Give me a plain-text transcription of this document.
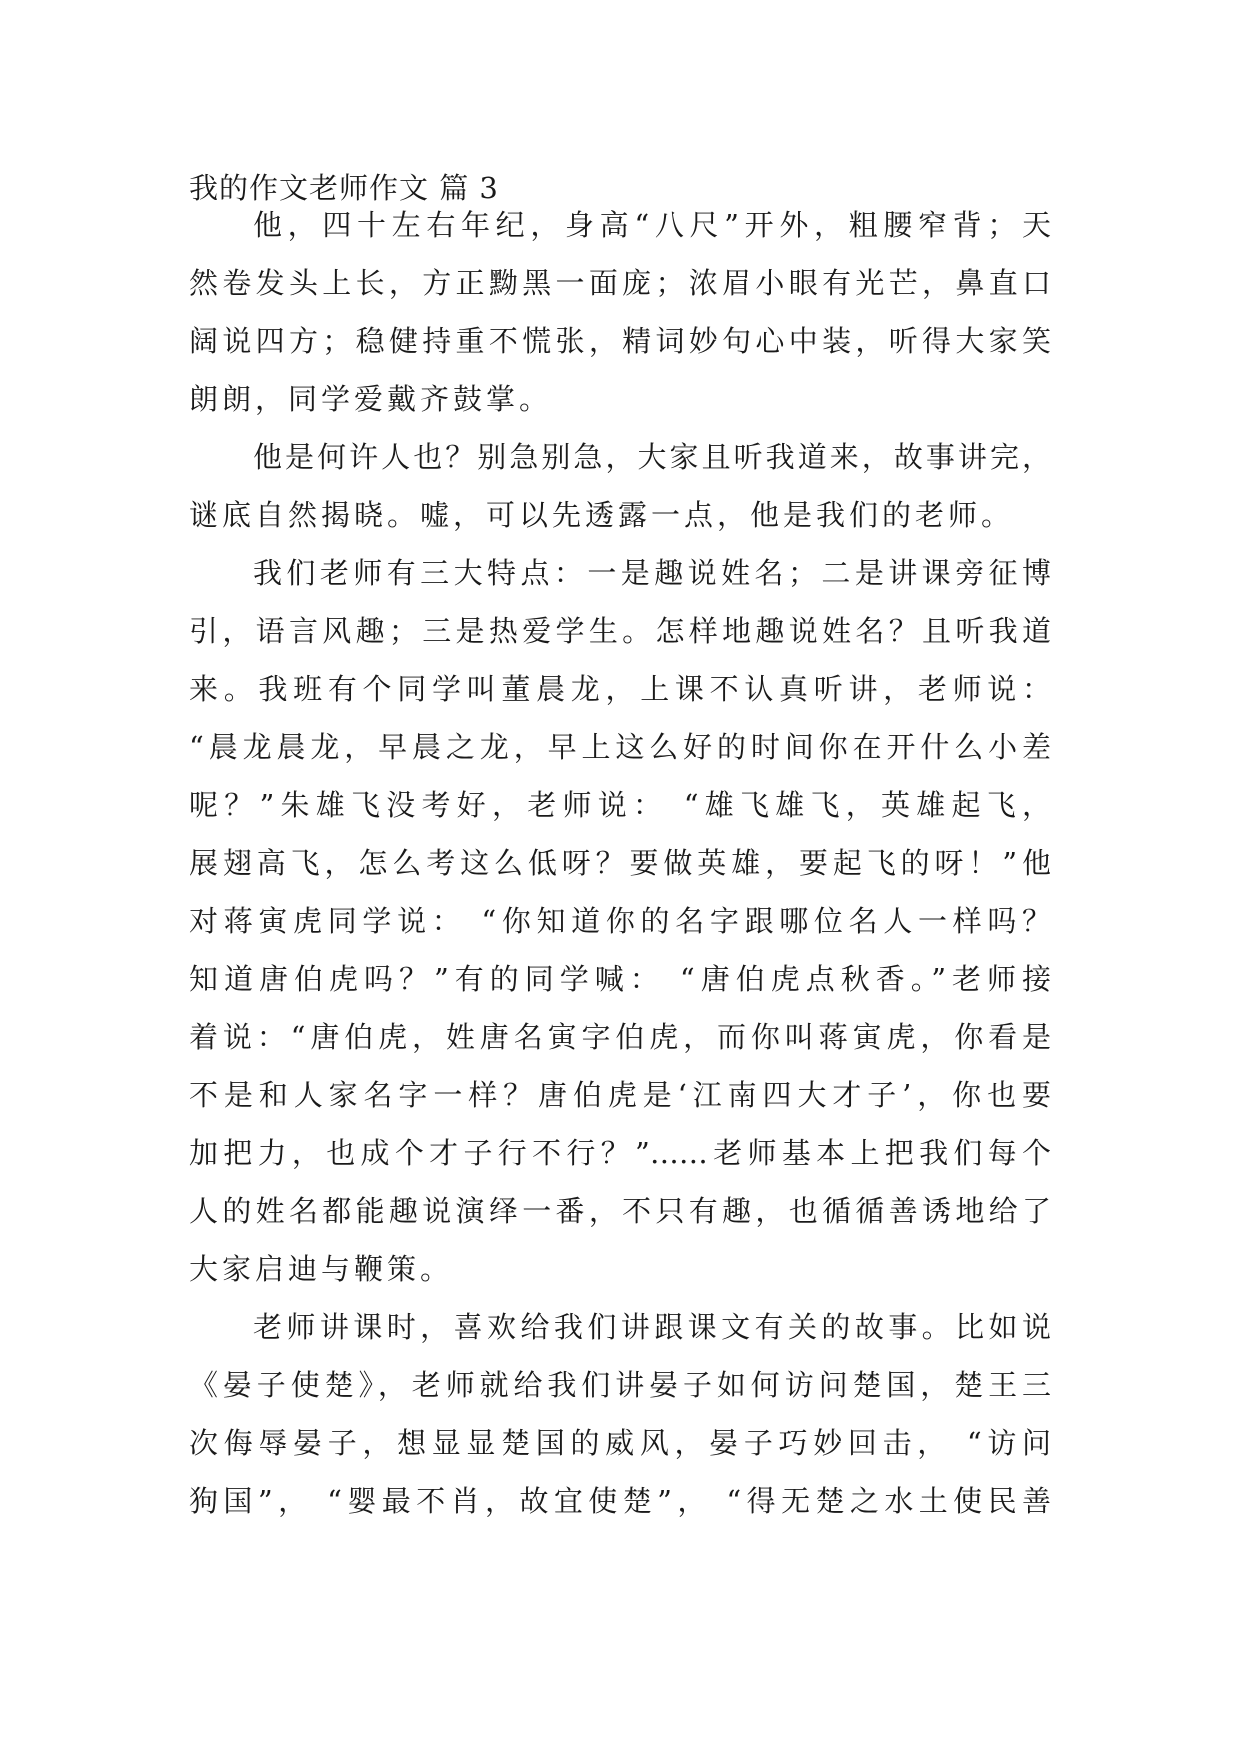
我的作文老师作文 篇 3
他，四十左右年纪，身高“八尺”开外，粗腰窄背；天
然卷发头上长，方正黝黑一面庞；浓眉小眼有光芒，鼻直口
阔说四方；稳健持重不慌张，精词妙句心中装，听得大家笑
朗朗，同学爱戴齐鼓掌。
他是何许人也？别急别急，大家且听我道来，故事讲完，
谜底自然揭晓。嘘，可以先透露一点，他是我们的老师。
我们老师有三大特点：一是趣说姓名；二是讲课旁征博
引，语言风趣；三是热爱学生。怎样地趣说姓名？且听我道
来。我班有个同学叫董晨龙，上课不认真听讲，老师说：
“晨龙晨龙，早晨之龙，早上这么好的时间你在开什么小差
呢？”朱雄飞没考好，老师说： “雄飞雄飞，英雄起飞，
展翅高飞，怎么考这么低呀？要做英雄，要起飞的呀！”他
对蒋寅虎同学说： “你知道你的名字跟哪位名人一样吗？
知道唐伯虎吗？”有的同学喊： “唐伯虎点秋香。”老师接
着说：“唐伯虎，姓唐名寅字伯虎，而你叫蒋寅虎，你看是
不是和人家名字一样？唐伯虎是‘江南四大才子’，你也要
加把力，也成个才子行不行？”……老师基本上把我们每个
人的姓名都能趣说演绎一番，不只有趣，也循循善诱地给了
大家启迪与鞭策。
老师讲课时，喜欢给我们讲跟课文有关的故事。比如说
《晏子使楚》，老师就给我们讲晏子如何访问楚国，楚王三
次侮辱晏子，想显显楚国的威风，晏子巧妙回击， “访问
狗国”， “婴最不肖，故宜使楚”， “得无楚之水土使民善
